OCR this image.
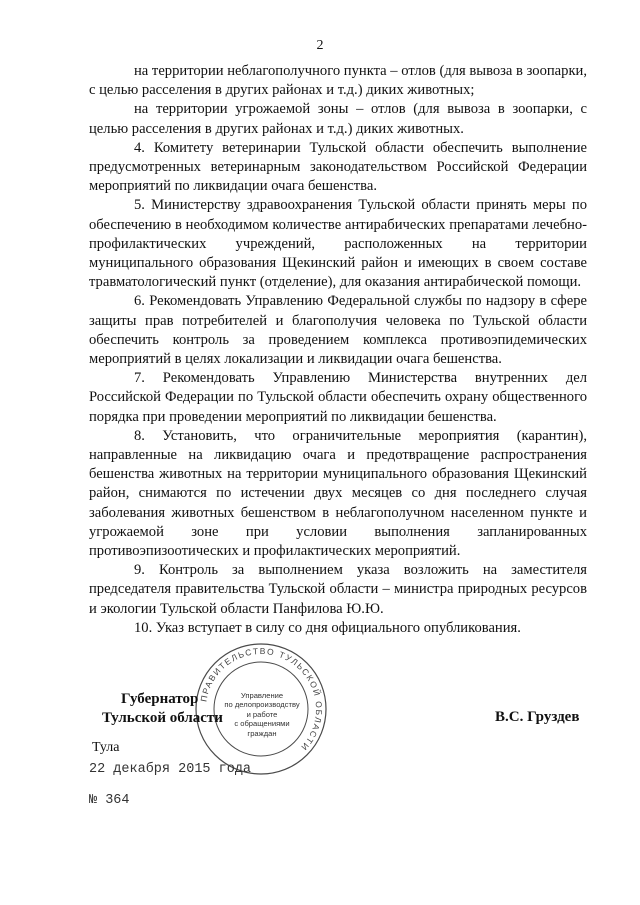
2

на территории неблагополучного пункта – отлов (для вывоза в зоопарки, с целью расселения в других районах и т.д.) диких животных;

на территории угрожаемой зоны – отлов (для вывоза в зоопарки, с целью расселения в других районах и т.д.) диких животных.

4. Комитету ветеринарии Тульской области обеспечить выполнение предусмотренных ветеринарным законодательством Российской Федерации мероприятий по ликвидации очага бешенства.

5. Министерству здравоохранения Тульской области принять меры по обеспечению в необходимом количестве антирабических препаратами лечебно-профилактических учреждений, расположенных на территории муниципального образования Щекинский район и имеющих в своем составе травматологический пункт (отделение), для оказания антирабической помощи.

6. Рекомендовать Управлению Федеральной службы по надзору в сфере защиты прав потребителей и благополучия человека по Тульской области обеспечить контроль за проведением комплекса противоэпидемических мероприятий в целях локализации и ликвидации очага бешенства.

7. Рекомендовать Управлению Министерства внутренних дел Российской Федерации по Тульской области обеспечить охрану общественного порядка при проведении мероприятий по ликвидации бешенства.

8. Установить, что ограничительные мероприятия (карантин), направленные на ликвидацию очага и предотвращение распространения бешенства животных на территории муниципального образования Щекинский район, снимаются по истечении двух месяцев со дня последнего случая заболевания животных бешенством в неблагополучном населенном пункте и угрожаемой зоне при условии выполнения запланированных противоэпизоотических и профилактических мероприятий.

9. Контроль за выполнением указа возложить на заместителя председателя правительства Тульской области – министра природных ресурсов и экологии Тульской области Панфилова Ю.Ю.

10. Указ вступает в силу со дня официального опубликования.

ПРАВИТЕЛЬСТВО ТУЛЬСКОЙ ОБЛАСТИ
Управление
по делопроизводству
и работе
с обращениями
граждан
Губернатор
Тульской области	В.С. Груздев
Тула
22 декабря 2015 года
№ 364
